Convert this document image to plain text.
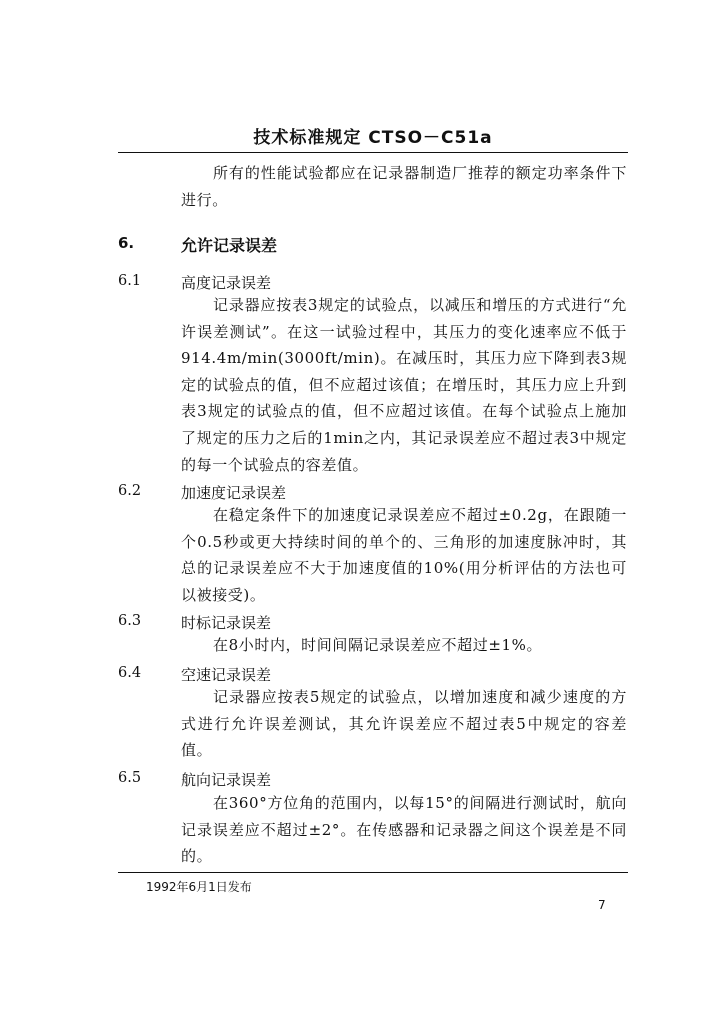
技术标准规定 CTSO－C51a
所有的性能试验都应在记录器制造厂推荐的额定功率条件下进行。
6.	允许记录误差
6.1	高度记录误差
记录器应按表3规定的试验点，以减压和增压的方式进行“允许误差测试”。在这一试验过程中，其压力的变化速率应不低于914.4m/min(3000ft/min)。在减压时，其压力应下降到表3规定的试验点的值，但不应超过该值；在增压时，其压力应上升到表3规定的试验点的值，但不应超过该值。在每个试验点上施加了规定的压力之后的1min之内，其记录误差应不超过表3中规定的每一个试验点的容差值。
6.2	加速度记录误差
在稳定条件下的加速度记录误差应不超过±0.2g，在跟随一个0.5秒或更大持续时间的单个的、三角形的加速度脉冲时，其总的记录误差应不大于加速度值的10%(用分析评估的方法也可以被接受)。
6.3	时标记录误差
在8小时内，时间间隔记录误差应不超过±1%。
6.4	空速记录误差
记录器应按表5规定的试验点，以增加速度和减少速度的方式进行允许误差测试，其允许误差应不超过表5中规定的容差值。
6.5	航向记录误差
在360°方位角的范围内，以每15°的间隔进行测试时，航向记录误差应不超过±2°。在传感器和记录器之间这个误差是不同的。
1992年6月1日发布
7
